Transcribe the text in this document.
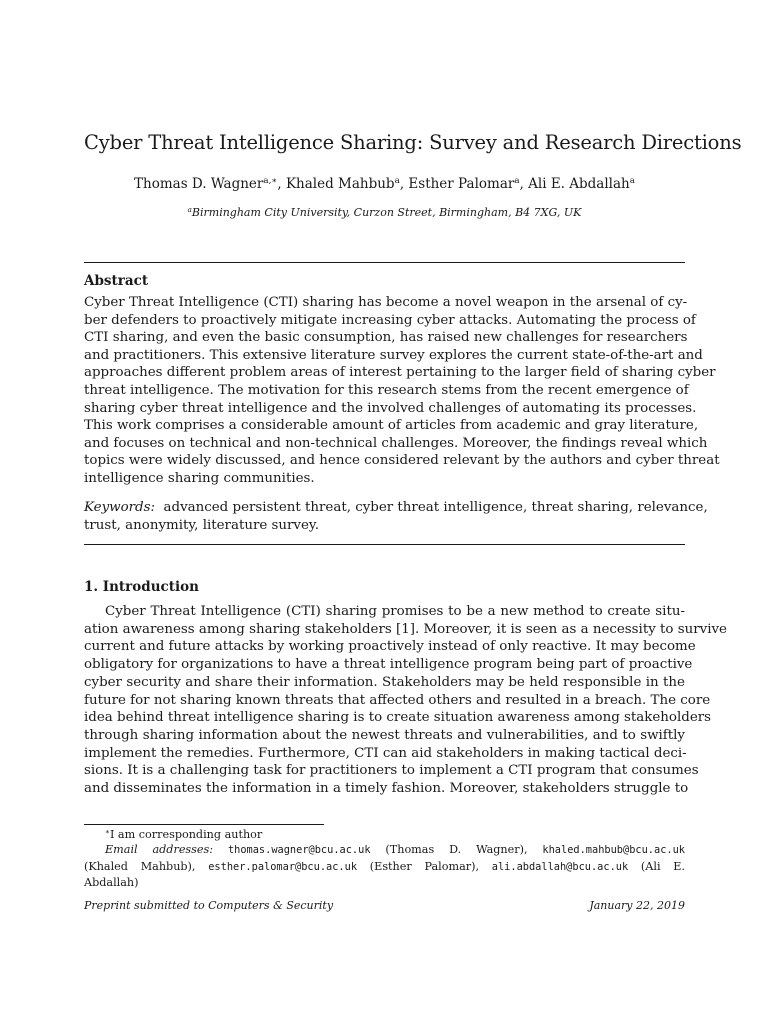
Cyber Threat Intelligence Sharing: Survey and Research Directions
Thomas D. Wagner$^{a,∗}$, Khaled Mahbub$^a$, Esther Palomar$^a$, Ali E. Abdallah$^a$
$^a$Birmingham City University, Curzon Street, Birmingham, B4 7XG, UK
Abstract
Cyber Threat Intelligence (CTI) sharing has become a novel weapon in the arsenal of cy-
ber defenders to proactively mitigate increasing cyber attacks. Automating the process of
CTI sharing, and even the basic consumption, has raised new challenges for researchers
and practitioners. This extensive literature survey explores the current state-of-the-art and
approaches different problem areas of interest pertaining to the larger field of sharing cyber
threat intelligence. The motivation for this research stems from the recent emergence of
sharing cyber threat intelligence and the involved challenges of automating its processes.
This work comprises a considerable amount of articles from academic and gray literature,
and focuses on technical and non-technical challenges. Moreover, the findings reveal which
topics were widely discussed, and hence considered relevant by the authors and cyber threat
intelligence sharing communities.
Keywords: advanced persistent threat, cyber threat intelligence, threat sharing, relevance,
trust, anonymity, literature survey.
1. Introduction
Cyber Threat Intelligence (CTI) sharing promises to be a new method to create situ-
ation awareness among sharing stakeholders [1]. Moreover, it is seen as a necessity to survive
current and future attacks by working proactively instead of only reactive. It may become
obligatory for organizations to have a threat intelligence program being part of proactive
cyber security and share their information. Stakeholders may be held responsible in the
future for not sharing known threats that affected others and resulted in a breach. The core
idea behind threat intelligence sharing is to create situation awareness among stakeholders
through sharing information about the newest threats and vulnerabilities, and to swiftly
implement the remedies. Furthermore, CTI can aid stakeholders in making tactical deci-
sions. It is a challenging task for practitioners to implement a CTI program that consumes
and disseminates the information in a timely fashion. Moreover, stakeholders struggle to
∗I am corresponding author
Email addresses: thomas.wagner@bcu.ac.uk (Thomas D. Wagner), khaled.mahbub@bcu.ac.uk
(Khaled Mahbub), esther.palomar@bcu.ac.uk (Esther Palomar), ali.abdallah@bcu.ac.uk (Ali E.
Abdallah)
Preprint submitted to Computers & Security	January 22, 2019
